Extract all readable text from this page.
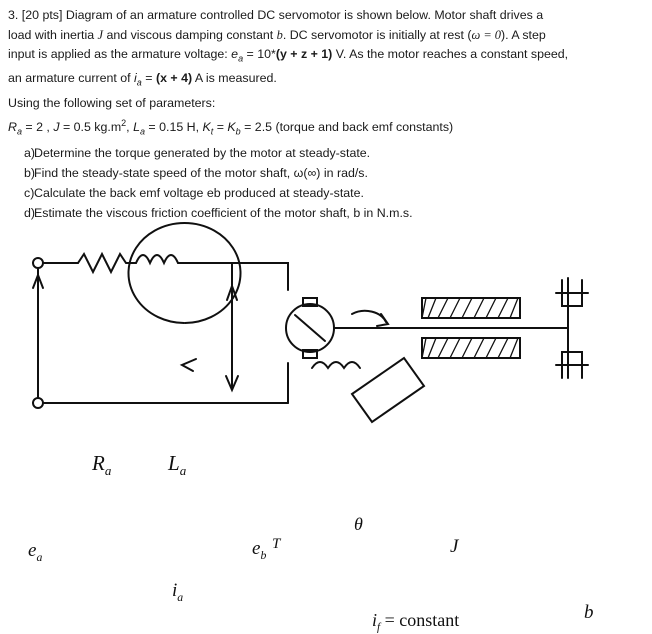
3. [20 pts] Diagram of an armature controlled DC servomotor is shown below. Motor shaft drives a

load with inertia J and viscous damping constant b. DC servomotor is initially at rest (ω = 0). A step

input is applied as the armature voltage: $e_a = 10*(y + z + 1)$ V. As the motor reaches a constant speed,

an armature current of $i_a = (x + 4)$ A is measured.

Using the following set of parameters:

$R_a = 2$ , J = 0.5 $kg.m^2$, $L_a = 0.15$ H, $K_t = K_b = 2.5$ (torque and back emf constants)

a)
Determine the torque generated by the motor at steady-state.
b)
Find the steady-state speed of the motor shaft, ω(∞) in rad/s.
c) Calculate the back emf voltage eb produced at steady-state.
d)
Estimate the viscous friction coefficient of the motor shaft, b in N.m.s.
$R_a$	$L_a$
$e_a$
$i_a$
$e_b$
θ
J
b
T
$i_f$ = constant
